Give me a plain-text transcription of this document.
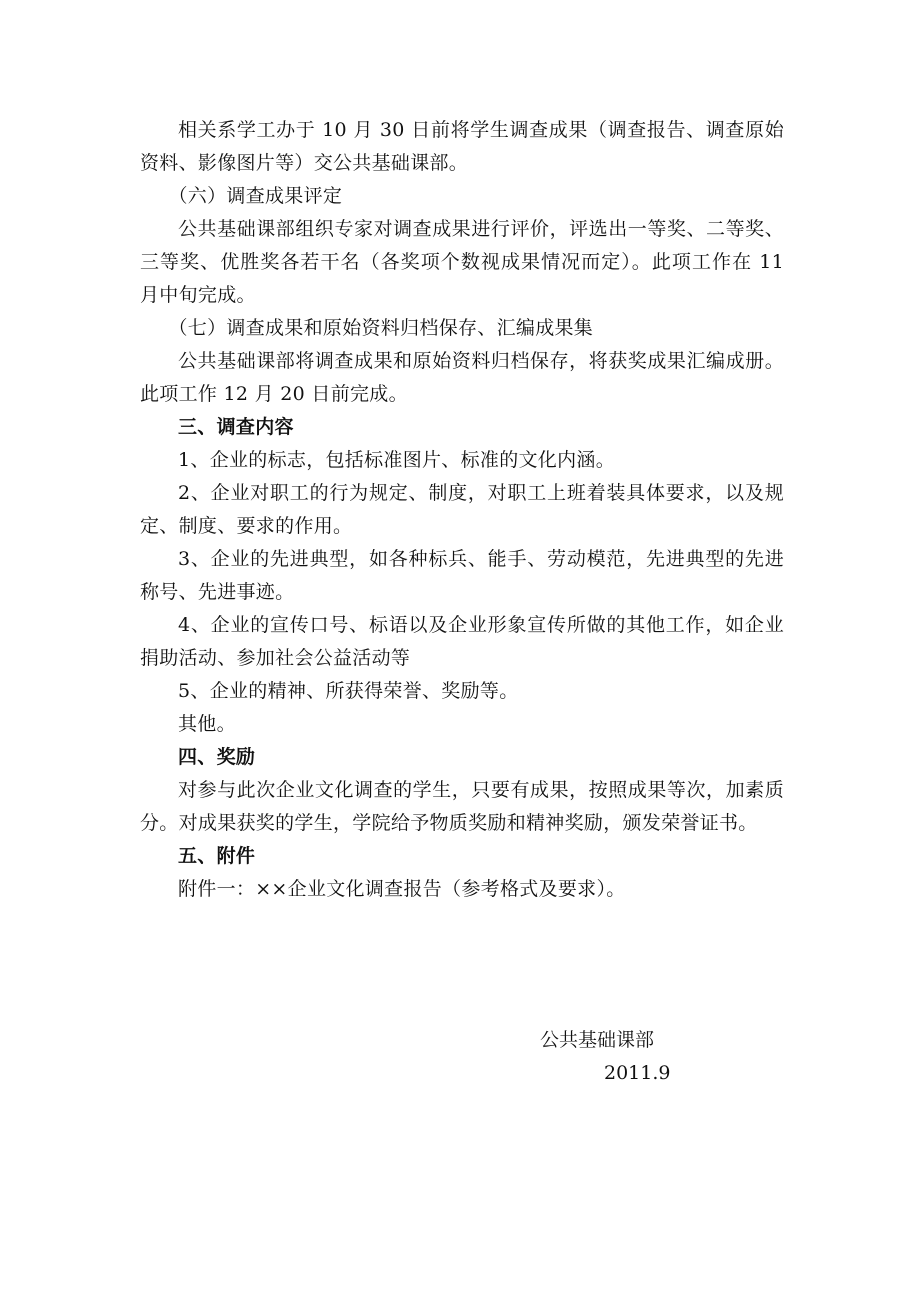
相关系学工办于 10 月 30 日前将学生调查成果（调查报告、调查原始资料、影像图片等）交公共基础课部。

（六）调查成果评定

公共基础课部组织专家对调查成果进行评价，评选出一等奖、二等奖、三等奖、优胜奖各若干名（各奖项个数视成果情况而定）。此项工作在 11 月中旬完成。

（七）调查成果和原始资料归档保存、汇编成果集

公共基础课部将调查成果和原始资料归档保存，将获奖成果汇编成册。此项工作 12 月 20 日前完成。

三、调查内容

1、企业的标志，包括标准图片、标准的文化内涵。

2、企业对职工的行为规定、制度，对职工上班着装具体要求，以及规定、制度、要求的作用。

3、企业的先进典型，如各种标兵、能手、劳动模范，先进典型的先进称号、先进事迹。

4、企业的宣传口号、标语以及企业形象宣传所做的其他工作，如企业捐助活动、参加社会公益活动等

5、企业的精神、所获得荣誉、奖励等。

其他。

四、奖励

对参与此次企业文化调查的学生，只要有成果，按照成果等次，加素质分。对成果获奖的学生，学院给予物质奖励和精神奖励，颁发荣誉证书。

五、附件

附件一：××企业文化调查报告（参考格式及要求）。

公共基础课部
2011.9
